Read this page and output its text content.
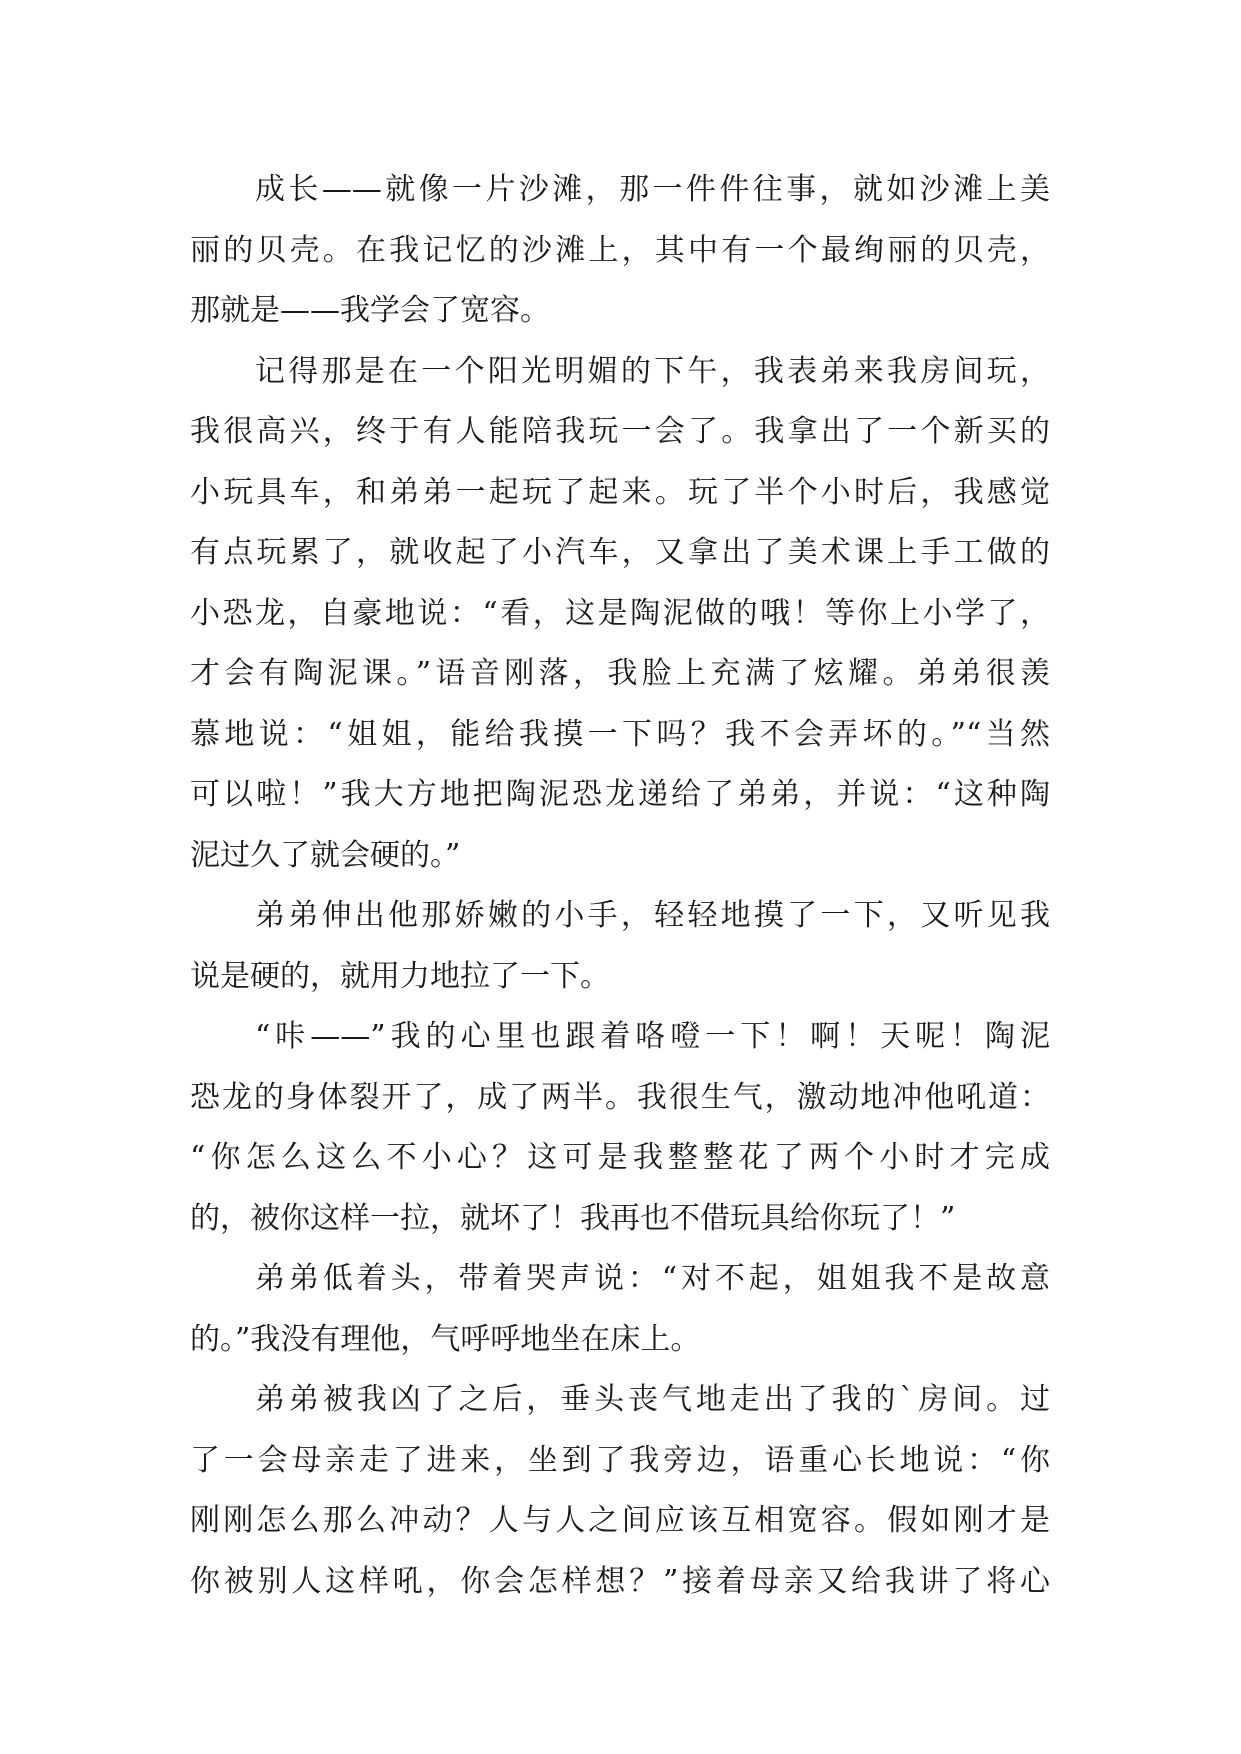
成长——就像一片沙滩，那一件件往事，就如沙滩上美
丽的贝壳。在我记忆的沙滩上，其中有一个最绚丽的贝壳，
那就是——我学会了宽容。
记得那是在一个阳光明媚的下午，我表弟来我房间玩，
我很高兴，终于有人能陪我玩一会了。我拿出了一个新买的
小玩具车，和弟弟一起玩了起来。玩了半个小时后，我感觉
有点玩累了，就收起了小汽车，又拿出了美术课上手工做的
小恐龙，自豪地说：“看，这是陶泥做的哦！等你上小学了，
才会有陶泥课。”语音刚落，我脸上充满了炫耀。弟弟很羡
慕地说：“姐姐，能给我摸一下吗？我不会弄坏的。”“当然
可以啦！”我大方地把陶泥恐龙递给了弟弟，并说：“这种陶
泥过久了就会硬的。”
弟弟伸出他那娇嫩的小手，轻轻地摸了一下，又听见我
说是硬的，就用力地拉了一下。
“咔——”我的心里也跟着咯噔一下！啊！天呢！陶泥
恐龙的身体裂开了，成了两半。我很生气，激动地冲他吼道：
“你怎么这么不小心？这可是我整整花了两个小时才完成
的，被你这样一拉，就坏了！我再也不借玩具给你玩了！”
弟弟低着头，带着哭声说：“对不起，姐姐我不是故意
的。”我没有理他，气呼呼地坐在床上。
弟弟被我凶了之后，垂头丧气地走出了我的`房间。过
了一会母亲走了进来，坐到了我旁边，语重心长地说：“你
刚刚怎么那么冲动？人与人之间应该互相宽容。假如刚才是
你被别人这样吼，你会怎样想？”接着母亲又给我讲了将心
